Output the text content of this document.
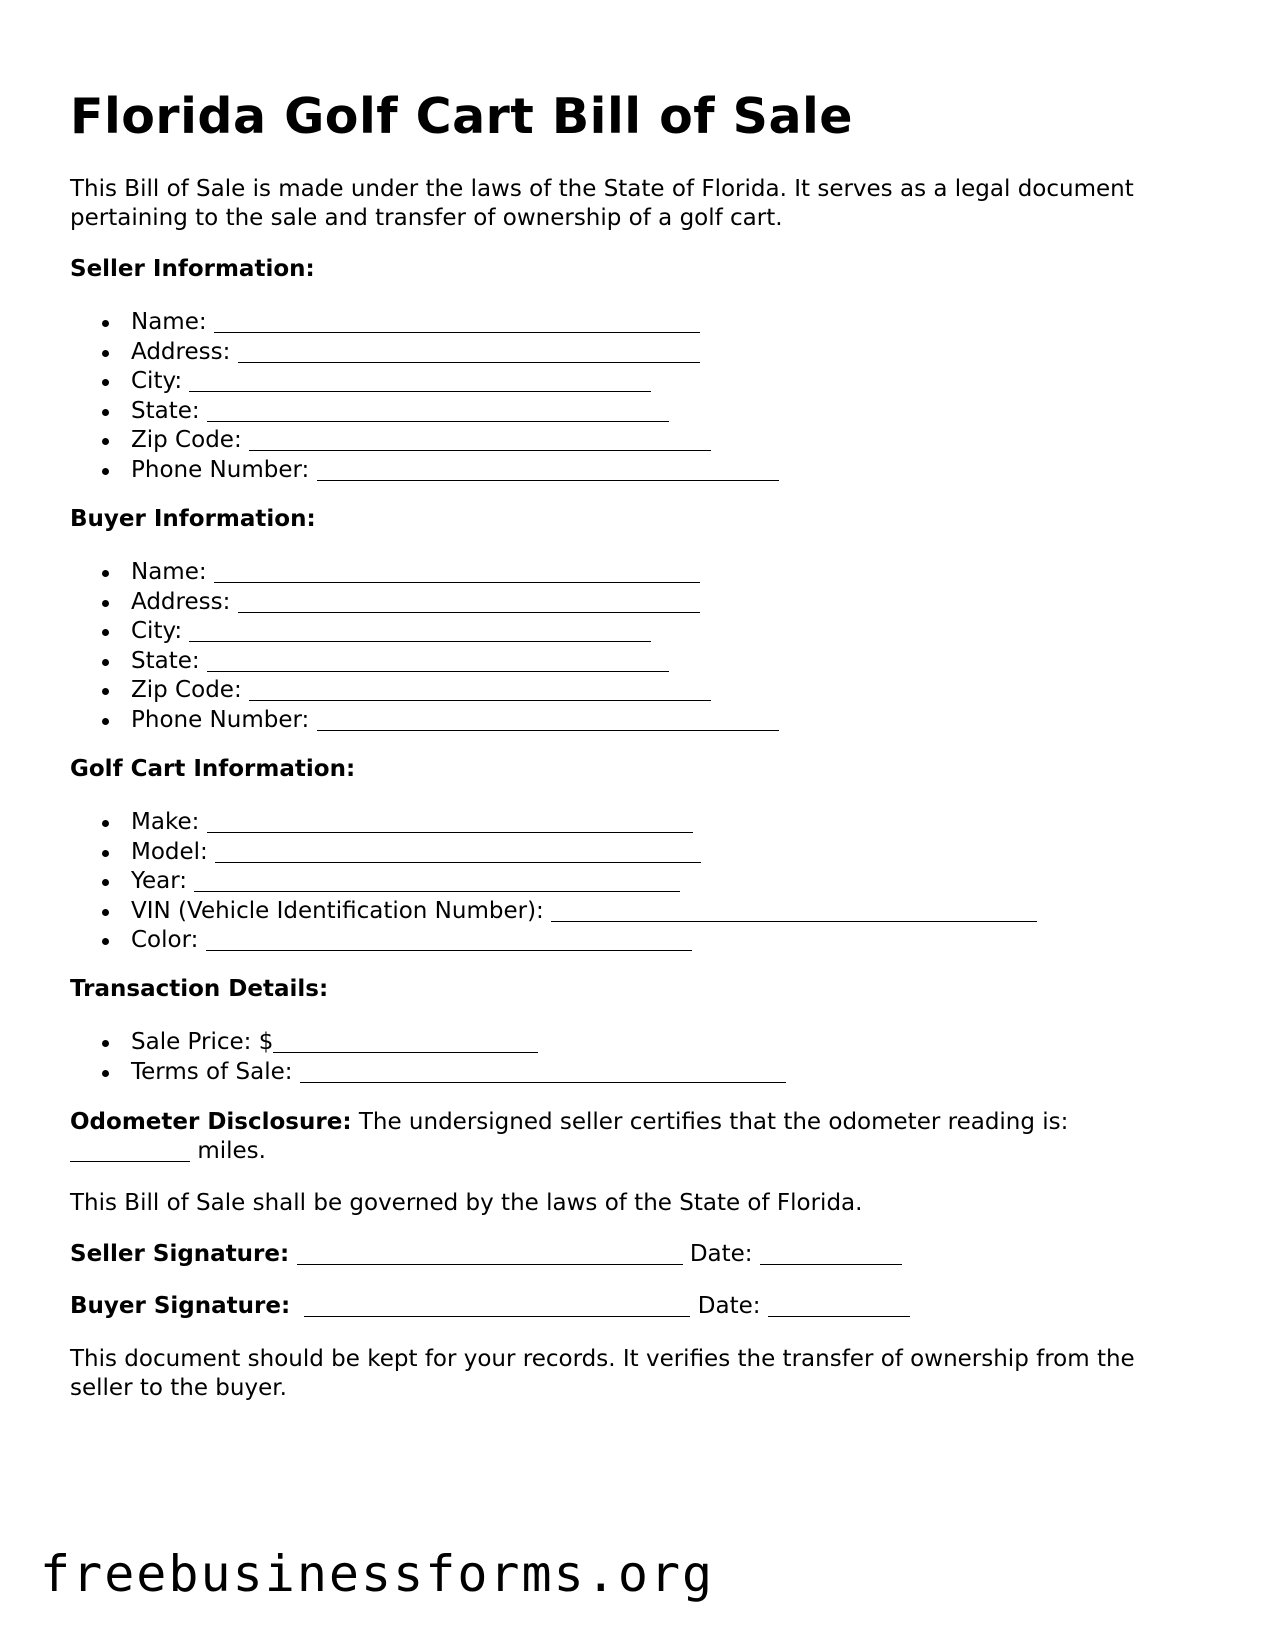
Florida Golf Cart Bill of Sale

This Bill of Sale is made under the laws of the State of Florida. It serves as a legal document pertaining to the sale and transfer of ownership of a golf cart.

Seller Information:

Name:
Address:
City:
State:
Zip Code:
Phone Number:

Buyer Information:

Name:
Address:
City:
State:
Zip Code:
Phone Number:

Golf Cart Information:

Make:
Model:
Year:
VIN (Vehicle Identification Number):
Color:

Transaction Details:

Sale Price: $
Terms of Sale:

Odometer Disclosure: The undersigned seller certifies that the odometer reading is:
miles.

This Bill of Sale shall be governed by the laws of the State of Florida.

Seller Signature:	Date:
Buyer Signature:	Date:

This document should be kept for your records. It verifies the transfer of ownership from the seller to the buyer.

freebusinessforms.org
